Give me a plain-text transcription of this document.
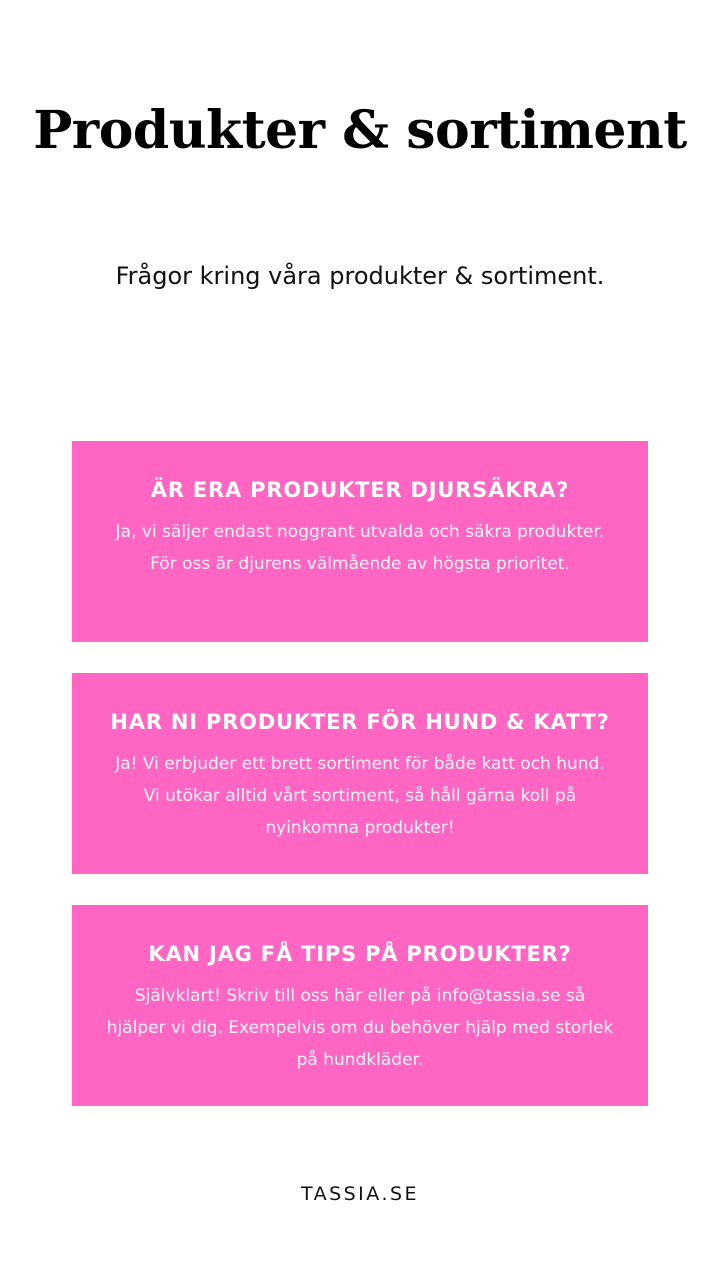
Produkter & sortiment

Frågor kring våra produkter & sortiment.

ÄR ERA PRODUKTER DJURSÄKRA?

Ja, vi säljer endast noggrant utvalda och säkra produkter. För oss är djurens välmående av högsta prioritet.

HAR NI PRODUKTER FÖR HUND & KATT?

Ja! Vi erbjuder ett brett sortiment för både katt och hund. Vi utökar alltid vårt sortiment, så håll gärna koll på nyinkomna produkter!

KAN JAG FÅ TIPS PÅ PRODUKTER?

Självklart! Skriv till oss här eller på info@tassia.se så hjälper vi dig. Exempelvis om du behöver hjälp med storlek på hundkläder.

TASSIA.SE
